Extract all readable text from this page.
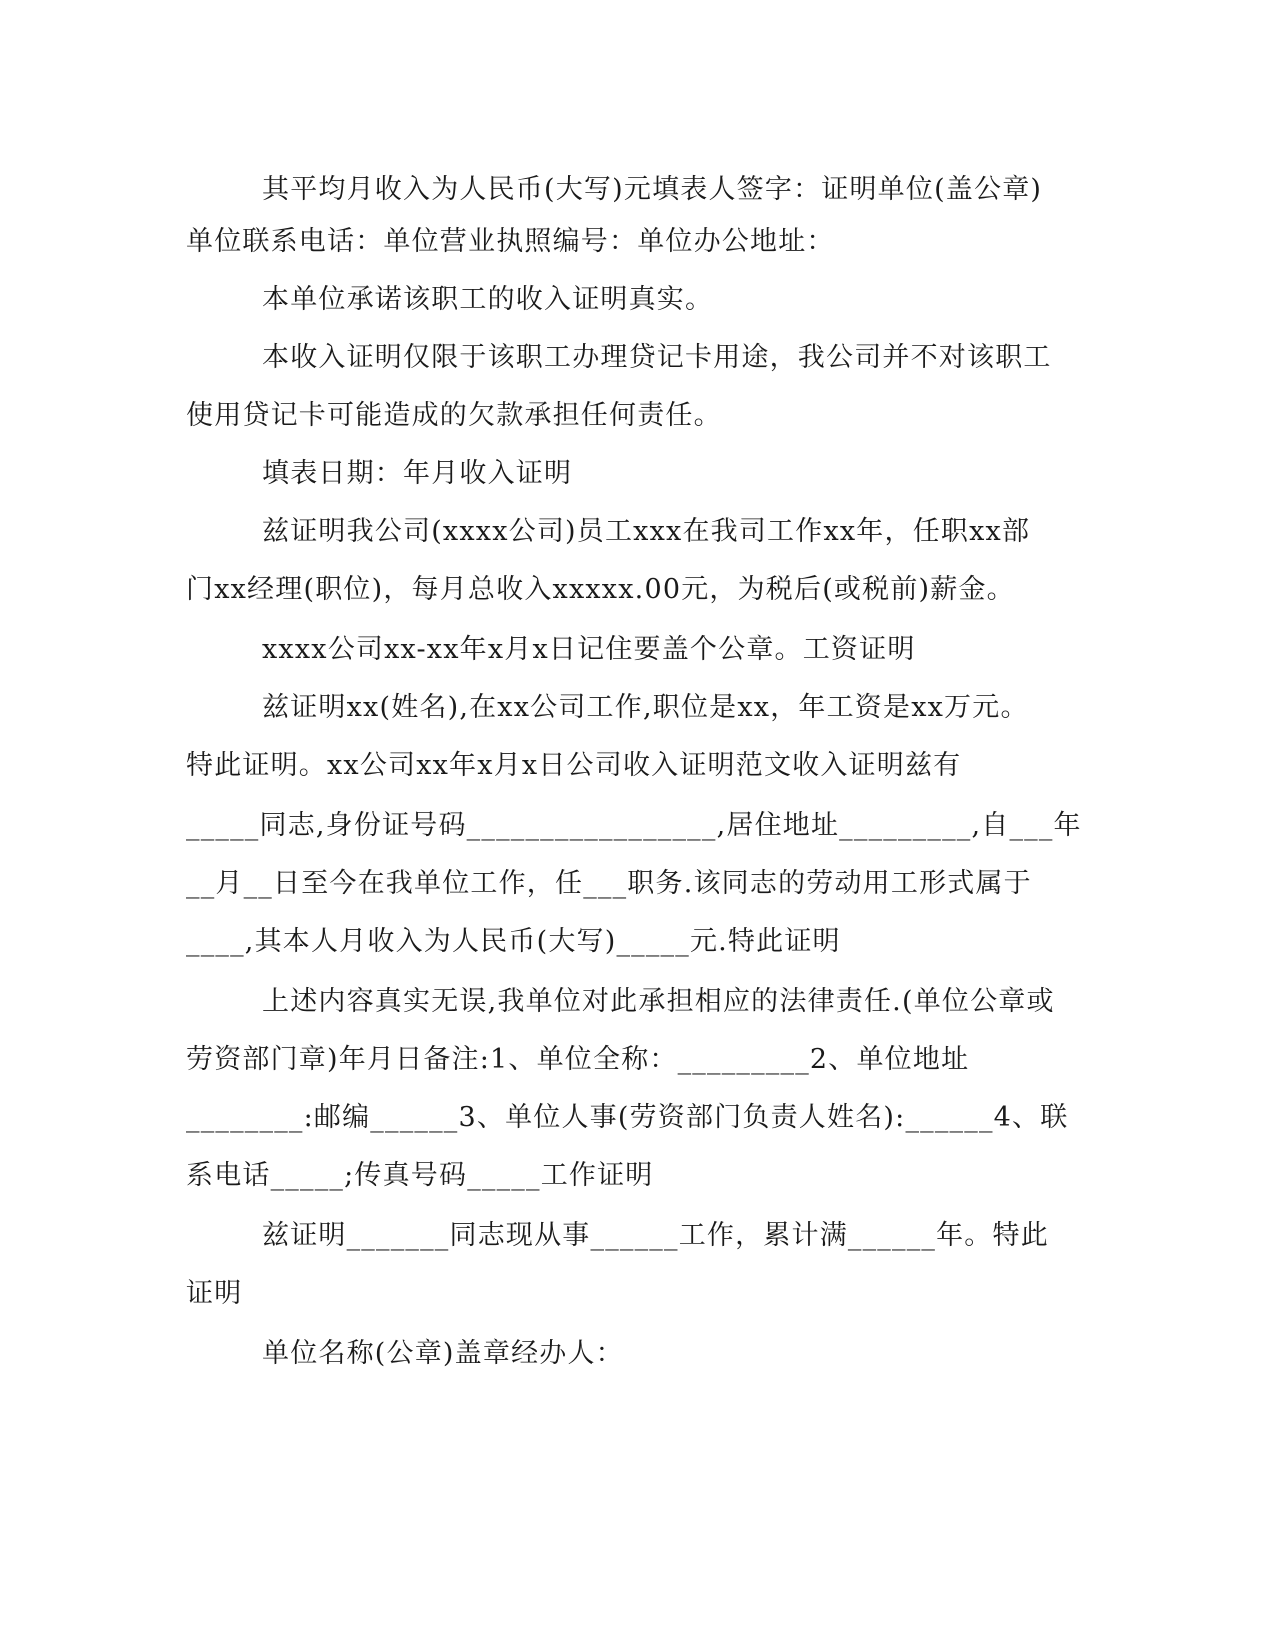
其平均月收入为人民币(大写)元填表人签字：证明单位(盖公章)

单位联系电话：单位营业执照编号：单位办公地址：

本单位承诺该职工的收入证明真实。

本收入证明仅限于该职工办理贷记卡用途，我公司并不对该职工

使用贷记卡可能造成的欠款承担任何责任。

填表日期：年月收入证明

兹证明我公司(xxxx公司)员工xxx在我司工作xx年，任职xx部

门xx经理(职位)，每月总收入xxxxx.00元，为税后(或税前)薪金。

xxxx公司xx-xx年x月x日记住要盖个公章。工资证明

兹证明xx(姓名),在xx公司工作,职位是xx，年工资是xx万元。

特此证明。xx公司xx年x月x日公司收入证明范文收入证明兹有

_____同志,身份证号码_________________,居住地址_________,自___年

__月__日至今在我单位工作，任___职务.该同志的劳动用工形式属于

____,其本人月收入为人民币(大写)_____元.特此证明

上述内容真实无误,我单位对此承担相应的法律责任.(单位公章或

劳资部门章)年月日备注:1、单位全称：_________2、单位地址

________:邮编______3、单位人事(劳资部门负责人姓名):______4、联

系电话_____;传真号码_____工作证明

兹证明_______同志现从事______工作，累计满______年。特此

证明

单位名称(公章)盖章经办人：
